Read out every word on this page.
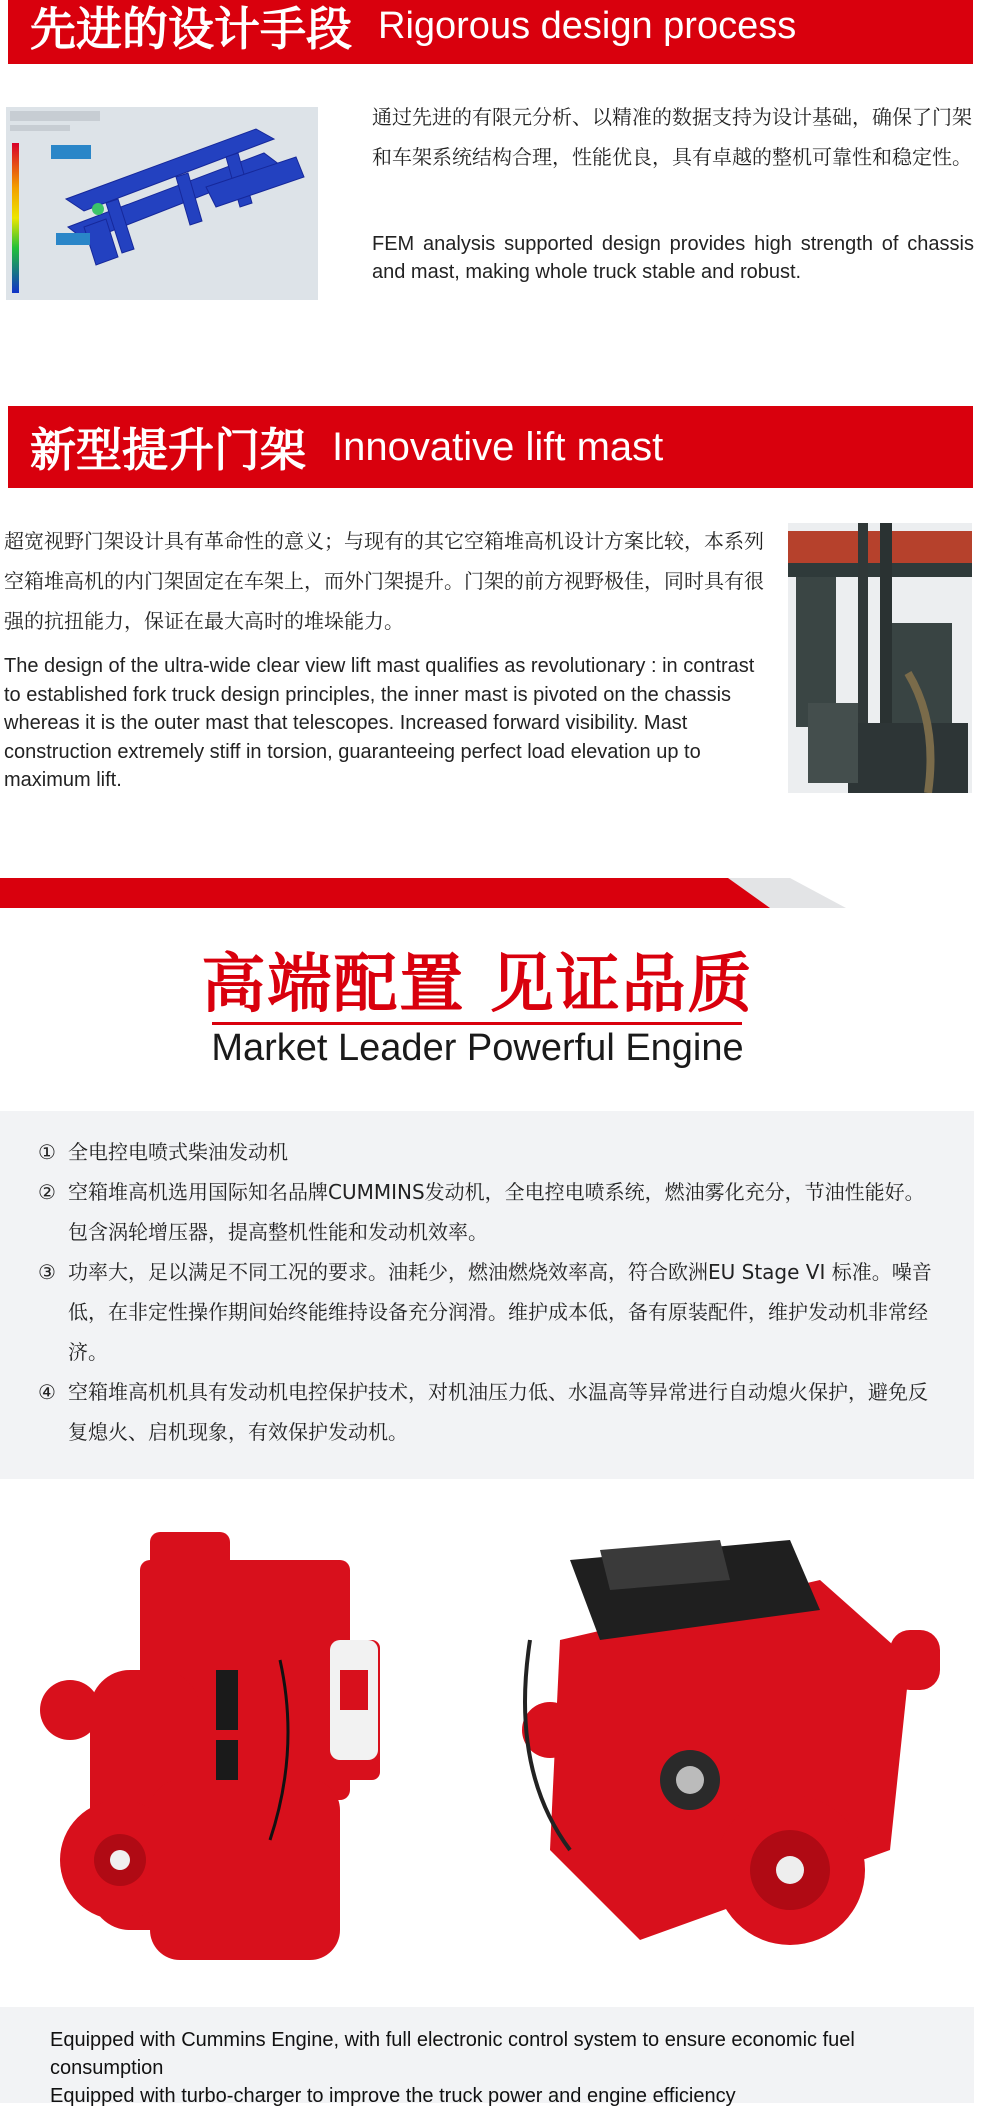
先进的设计手段 Rigorous design process

通过先进的有限元分析、以精准的数据支持为设计基础，确保了门架和车架系统结构合理，性能优良，具有卓越的整机可靠性和稳定性。

FEM analysis supported design provides high strength of chassis and mast, making whole truck stable and robust.

新型提升门架 Innovative lift mast

超宽视野门架设计具有革命性的意义；与现有的其它空箱堆高机设计方案比较，本系列空箱堆高机的内门架固定在车架上，而外门架提升。门架的前方视野极佳，同时具有很强的抗扭能力，保证在最大高时的堆垛能力。

The design of the ultra-wide clear view lift mast qualifies as revolutionary : in contrast to established fork truck design principles, the inner mast is pivoted on the chassis whereas it is the outer mast that telescopes. Increased forward visibility. Mast construction extremely stiff in torsion, guaranteeing perfect load elevation up to maximum lift.

高端配置 见证品质
Market Leader Powerful Engine
① 全电控电喷式柴油发动机
② 空箱堆高机选用国际知名品牌CUMMINS发动机，全电控电喷系统，燃油雾化充分，节油性能好。包含涡轮增压器，提高整机性能和发动机效率。
③ 功率大，足以满足不同工况的要求。油耗少，燃油燃烧效率高，符合欧洲EU Stage VI 标准。噪音低，在非定性操作期间始终能维持设备充分润滑。维护成本低，备有原装配件，维护发动机非常经济。
④ 空箱堆高机机具有发动机电控保护技术，对机油压力低、水温高等异常进行自动熄火保护，避免反复熄火、启机现象，有效保护发动机。
Equipped with Cummins Engine, with full electronic control system to ensure economic fuel consumption
Equipped with turbo-charger to improve the truck power and engine efficiency
